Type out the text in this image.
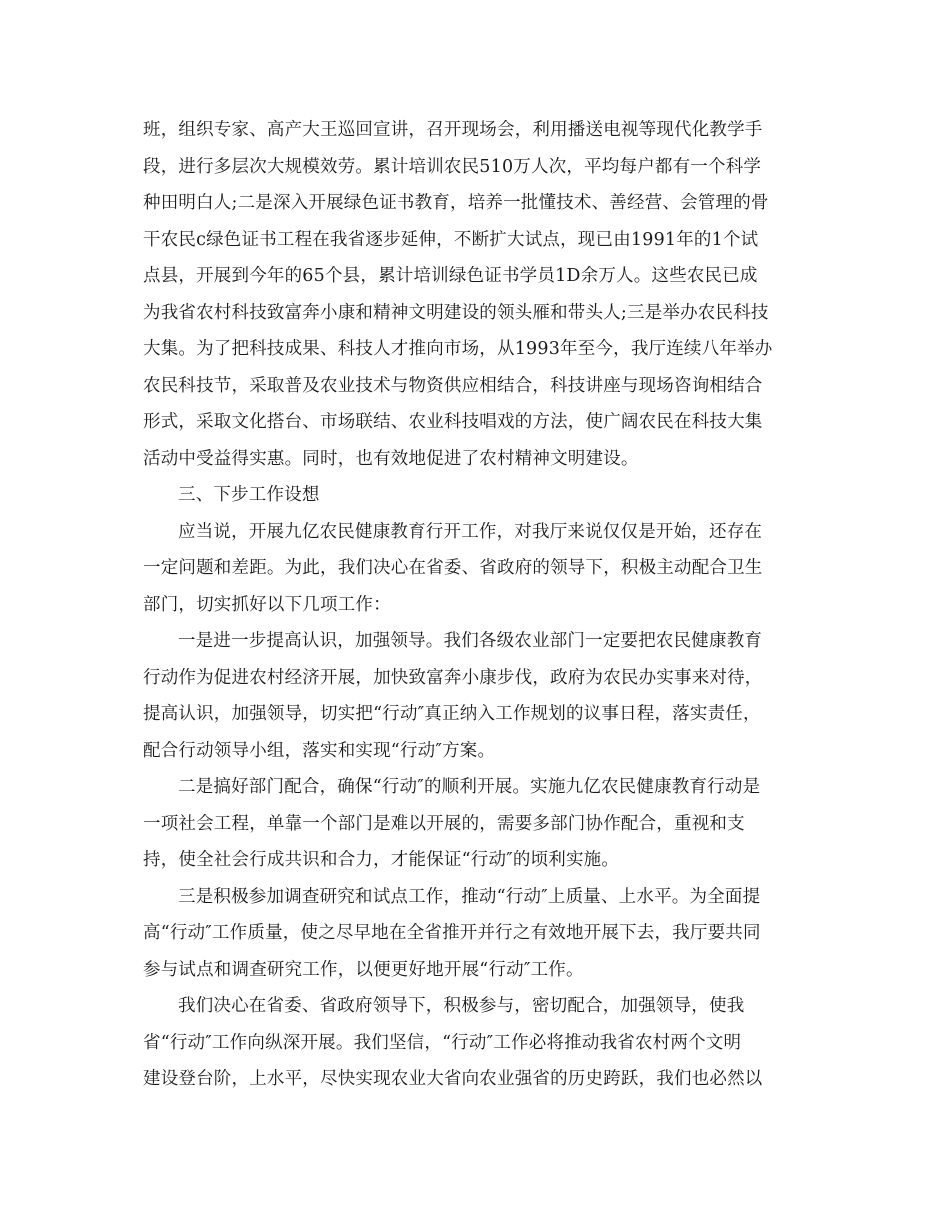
班，组织专家、高产大王巡回宣讲，召开现场会，利用播送电视等现代化教学手
段，进行多层次大规模效劳。累计培训农民510万人次，平均每户都有一个科学
种田明白人;二是深入开展绿色证书教育，培养一批懂技术、善经营、会管理的骨
干农民c绿色证书工程在我省逐步延伸，不断扩大试点，现已由1991年的1个试
点县，开展到今年的65个县，累计培训绿色证书学员1D余万人。这些农民已成
为我省农村科技致富奔小康和精神文明建设的领头雁和带头人;三是举办农民科技
大集。为了把科技成果、科技人才推向市场，从1993年至今，我厅连续八年举办
农民科技节，采取普及农业技术与物资供应相结合，科技讲座与现场咨询相结合
形式，采取文化搭台、市场联结、农业科技唱戏的方法，使广阔农民在科技大集
活动中受益得实惠。同时，也有效地促进了农村精神文明建设。
三、下步工作设想
应当说，开展九亿农民健康教育行开工作，对我厅来说仅仅是开始，还存在
一定问题和差距。为此，我们决心在省委、省政府的领导下，积极主动配合卫生
部门，切实抓好以下几项工作：
一是进一步提高认识，加强领导。我们各级农业部门一定要把农民健康教育
行动作为促进农村经济开展，加快致富奔小康步伐，政府为农民办实事来对待，
提高认识，加强领导，切实把“行动″真正纳入工作规划的议事日程，落实责任，
配合行动领导小组，落实和实现“行动″方案。
二是搞好部门配合，确保“行动″的顺利开展。实施九亿农民健康教育行动是
一项社会工程，单靠一个部门是难以开展的，需要多部门协作配合，重视和支
持，使全社会行成共识和合力，才能保证“行动″的顷利实施。
三是积极参加调查研究和试点工作，推动“行动″上质量、上水平。为全面提
高“行动″工作质量，使之尽早地在全省推开并行之有效地开展下去，我厅要共同
参与试点和调查研究工作，以便更好地开展“行动″工作。
我们决心在省委、省政府领导下，积极参与，密切配合，加强领导，使我
省“行动″工作向纵深开展。我们坚信，“行动″工作必将推动我省农村两个文明
建设登台阶，上水平，尽快实现农业大省向农业强省的历史跨跃，我们也必然以
